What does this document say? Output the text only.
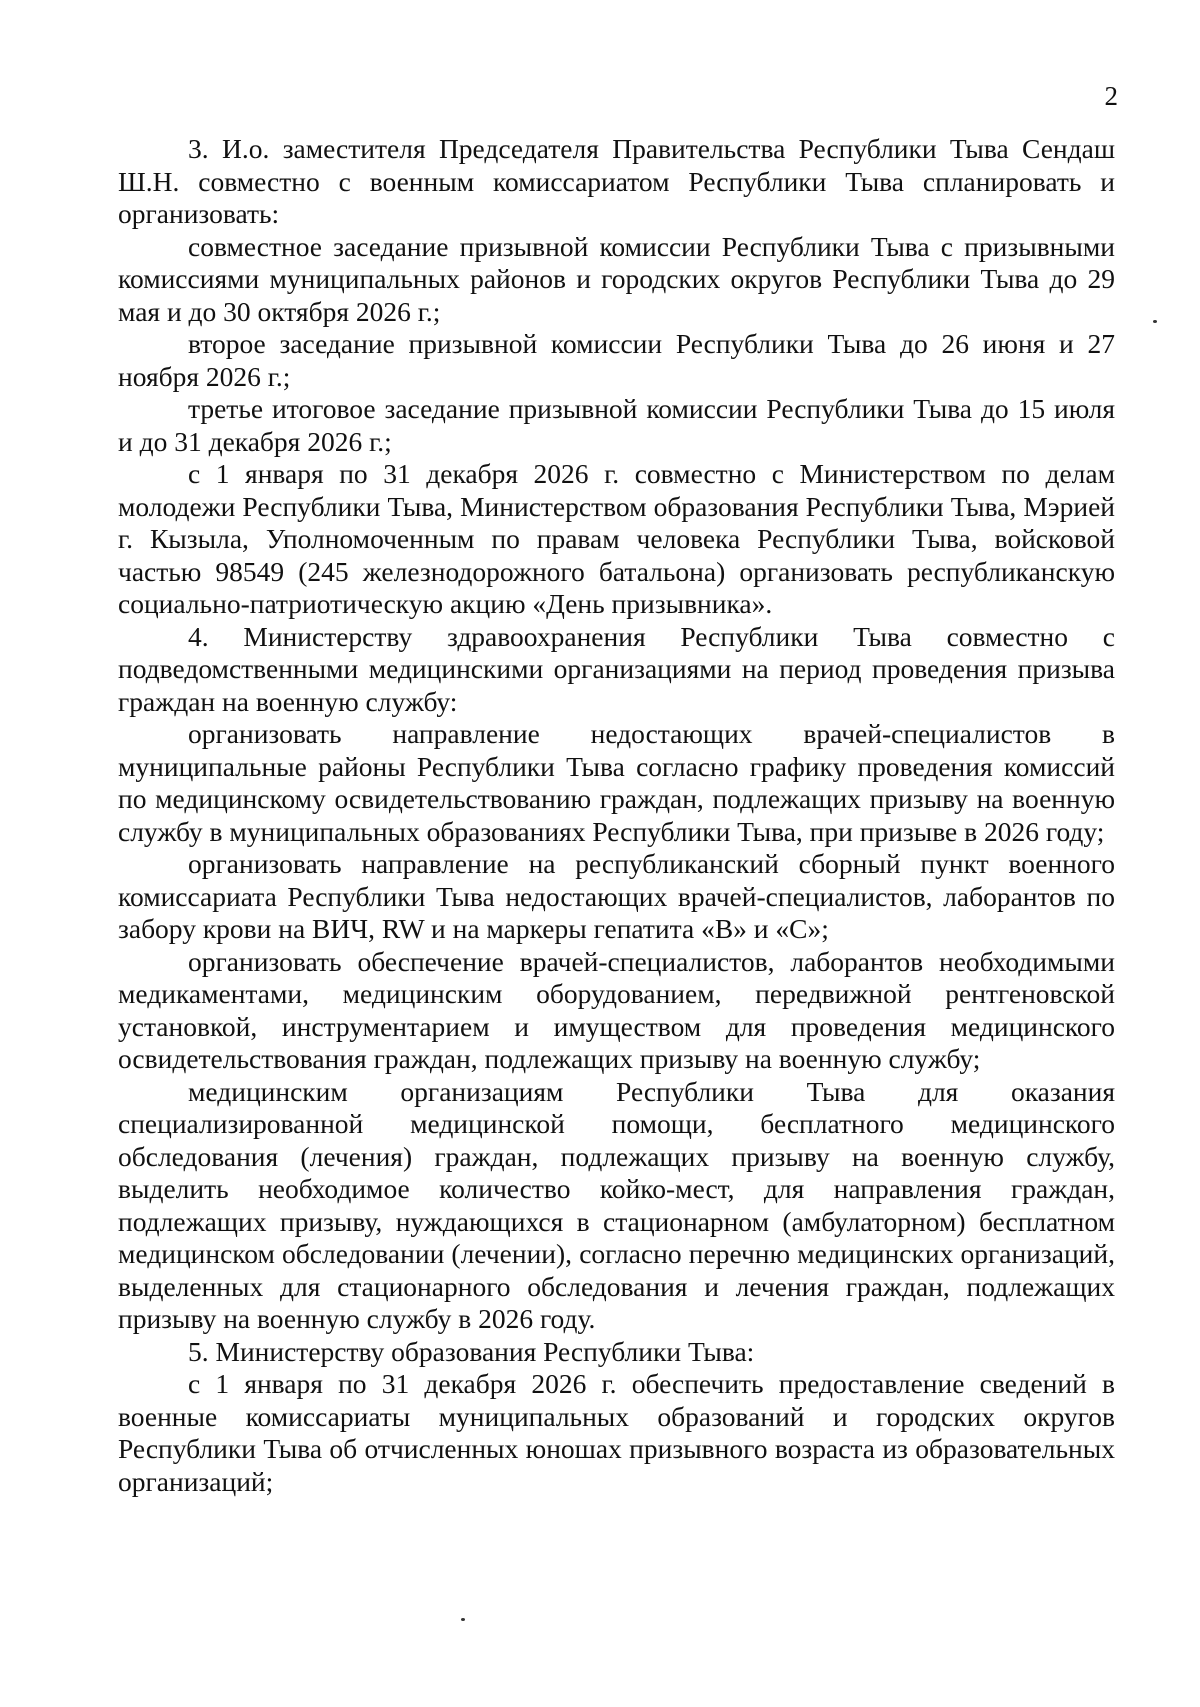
2

3. И.о. заместителя Председателя Правительства Республики Тыва Сендаш Ш.Н. совместно с военным комиссариатом Республики Тыва спланировать и организовать:

совместное заседание призывной комиссии Республики Тыва с призывными комиссиями муниципальных районов и городских округов Республики Тыва до 29 мая и до 30 октября 2026 г.;

второе заседание призывной комиссии Республики Тыва до 26 июня и 27 ноября 2026 г.;

третье итоговое заседание призывной комиссии Республики Тыва до 15 июля и до 31 декабря 2026 г.;

с 1 января по 31 декабря 2026 г. совместно с Министерством по делам молодежи Республики Тыва, Министерством образования Республики Тыва, Мэрией г. Кызыла, Уполномоченным по правам человека Республики Тыва, войсковой частью 98549 (245 железнодорожного батальона) организовать республиканскую социально-патриотическую акцию «День призывника».

4. Министерству здравоохранения Республики Тыва совместно с подведомственными медицинскими организациями на период проведения призыва граждан на военную службу:

организовать направление недостающих врачей-специалистов в муниципальные районы Республики Тыва согласно графику проведения комиссий по медицинскому освидетельствованию граждан, подлежащих призыву на военную службу в муниципальных образованиях Республики Тыва, при призыве в 2026 году;

организовать направление на республиканский сборный пункт военного комиссариата Республики Тыва недостающих врачей-специалистов, лаборантов по забору крови на ВИЧ, RW и на маркеры гепатита «В» и «С»;

организовать обеспечение врачей-специалистов, лаборантов необходимыми медикаментами, медицинским оборудованием, передвижной рентгеновской установкой, инструментарием и имуществом для проведения медицинского освидетельствования граждан, подлежащих призыву на военную службу;

медицинским организациям Республики Тыва для оказания специализированной медицинской помощи, бесплатного медицинского обследования (лечения) граждан, подлежащих призыву на военную службу, выделить необходимое количество койко-мест, для направления граждан, подлежащих призыву, нуждающихся в стационарном (амбулаторном) бесплатном медицинском обследовании (лечении), согласно перечню медицинских организаций, выделенных для стационарного обследования и лечения граждан, подлежащих призыву на военную службу в 2026 году.

5. Министерству образования Республики Тыва:

с 1 января по 31 декабря 2026 г. обеспечить предоставление сведений в военные комиссариаты муниципальных образований и городских округов Республики Тыва об отчисленных юношах призывного возраста из образовательных организаций;
